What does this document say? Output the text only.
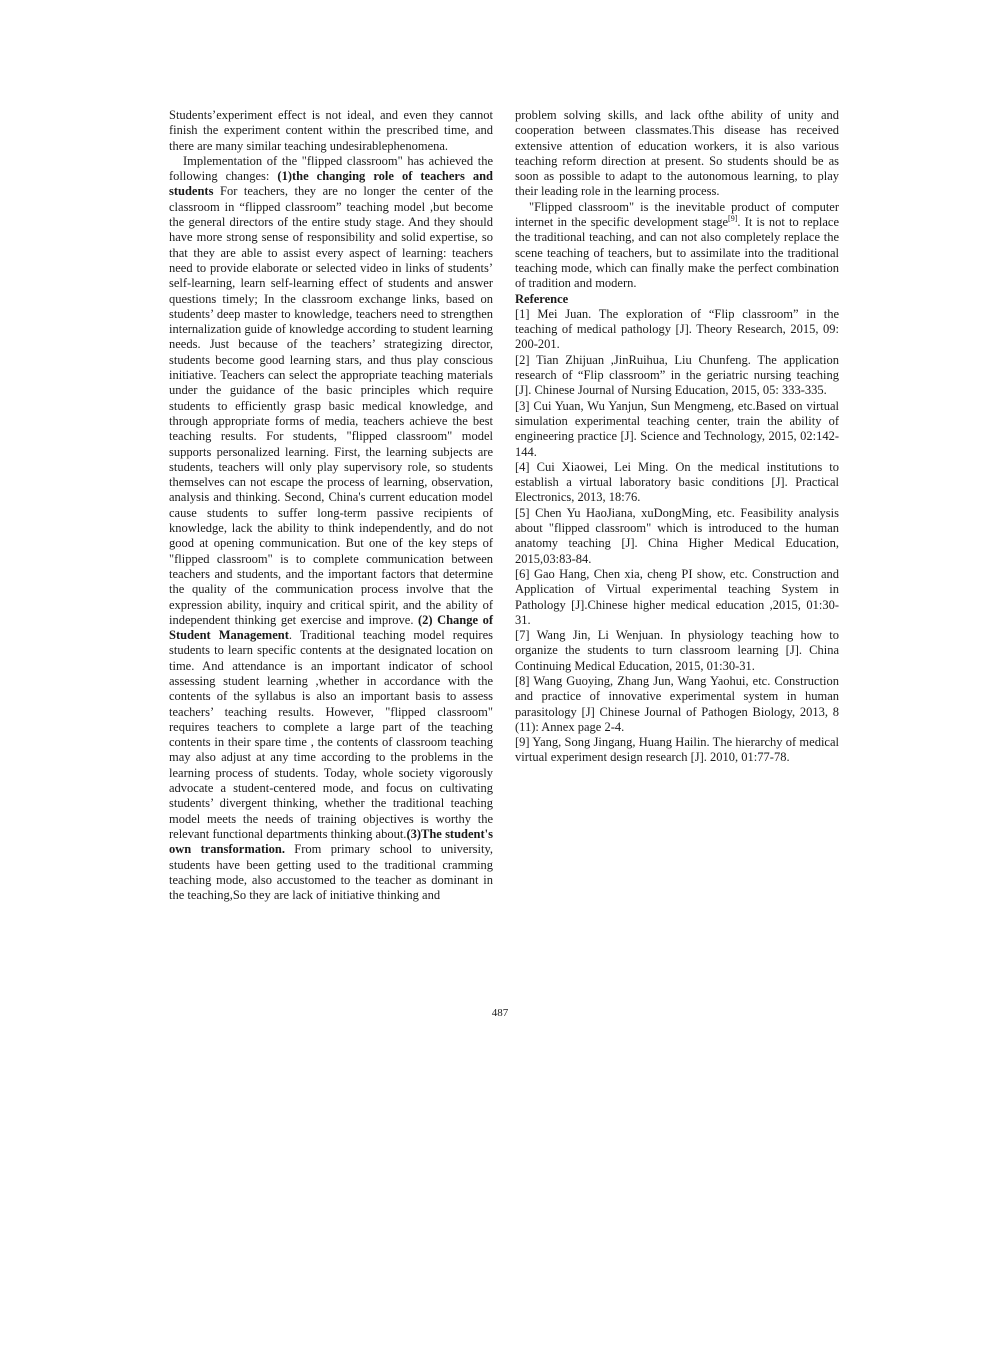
Students’experiment effect is not ideal, and even they cannot finish the experiment content within the prescribed time, and there are many similar teaching undesirablephenomena.

Implementation of the "flipped classroom" has achieved the following changes: (1)the changing role of teachers and students For teachers, they are no longer the center of the classroom in “flipped classroom” teaching model ,but become the general directors of the entire study stage. And they should have more strong sense of responsibility and solid expertise, so that they are able to assist every aspect of learning: teachers need to provide elaborate or selected video in links of students’ self-learning, learn self-learning effect of students and answer questions timely; In the classroom exchange links, based on students’ deep master to knowledge, teachers need to strengthen internalization guide of knowledge according to student learning needs. Just because of the teachers’ strategizing director, students become good learning stars, and thus play conscious initiative. Teachers can select the appropriate teaching materials under the guidance of the basic principles which require students to efficiently grasp basic medical knowledge, and through appropriate forms of media, teachers achieve the best teaching results. For students, "flipped classroom" model supports personalized learning. First, the learning subjects are students, teachers will only play supervisory role, so students themselves can not escape the process of learning, observation, analysis and thinking. Second, China's current education model cause students to suffer long-term passive recipients of knowledge, lack the ability to think independently, and do not good at opening communication. But one of the key steps of "flipped classroom" is to complete communication between teachers and students, and the important factors that determine the quality of the communication process involve that the expression ability, inquiry and critical spirit, and the ability of independent thinking get exercise and improve. (2) Change of Student Management. Traditional teaching model requires students to learn specific contents at the designated location on time. And attendance is an important indicator of school assessing student learning ,whether in accordance with the contents of the syllabus is also an important basis to assess teachers’ teaching results. However, "flipped classroom" requires teachers to complete a large part of the teaching contents in their spare time , the contents of classroom teaching may also adjust at any time according to the problems in the learning process of students. Today, whole society vigorously advocate a student-centered mode, and focus on cultivating students’ divergent thinking, whether the traditional teaching model meets the needs of training objectives is worthy the relevant functional departments thinking about.(3)The student's own transformation. From primary school to university, students have been getting used to the traditional cramming teaching mode, also accustomed to the teacher as dominant in the teaching,So they are lack of initiative thinking and

problem solving skills, and lack ofthe ability of unity and cooperation between classmates.This disease has received extensive attention of education workers, it is also various teaching reform direction at present. So students should be as soon as possible to adapt to the autonomous learning, to play their leading role in the learning process.

"Flipped classroom" is the inevitable product of computer internet in the specific development stage[9]. It is not to replace the traditional teaching, and can not also completely replace the scene teaching of teachers, but to assimilate into the traditional teaching mode, which can finally make the perfect combination of tradition and modern.

Reference

[1] Mei Juan. The exploration of “Flip classroom” in the teaching of medical pathology [J]. Theory Research, 2015, 09: 200-201.
[2] Tian Zhijuan ,JinRuihua, Liu Chunfeng. The application research of “Flip classroom” in the geriatric nursing teaching [J]. Chinese Journal of Nursing Education, 2015, 05: 333-335.
[3] Cui Yuan, Wu Yanjun, Sun Mengmeng, etc.Based on virtual simulation experimental teaching center, train the ability of engineering practice [J]. Science and Technology, 2015, 02:142-144.
[4] Cui Xiaowei, Lei Ming. On the medical institutions to establish a virtual laboratory basic conditions [J]. Practical Electronics, 2013, 18:76.
[5] Chen Yu HaoJiana, xuDongMing, etc. Feasibility analysis about "flipped classroom" which is introduced to the human anatomy teaching [J]. China Higher Medical Education, 2015,03:83-84.
[6] Gao Hang, Chen xia, cheng PI show, etc. Construction and Application of Virtual experimental teaching System in Pathology [J].Chinese higher medical education ,2015, 01:30-31.
[7] Wang Jin, Li Wenjuan. In physiology teaching how to organize the students to turn classroom learning [J]. China Continuing Medical Education, 2015, 01:30-31.
[8] Wang Guoying, Zhang Jun, Wang Yaohui, etc. Construction and practice of innovative experimental system in human parasitology [J] Chinese Journal of Pathogen Biology, 2013, 8 (11): Annex page 2-4.
[9] Yang, Song Jingang, Huang Hailin. The hierarchy of medical virtual experiment design research [J]. 2010, 01:77-78.
487
